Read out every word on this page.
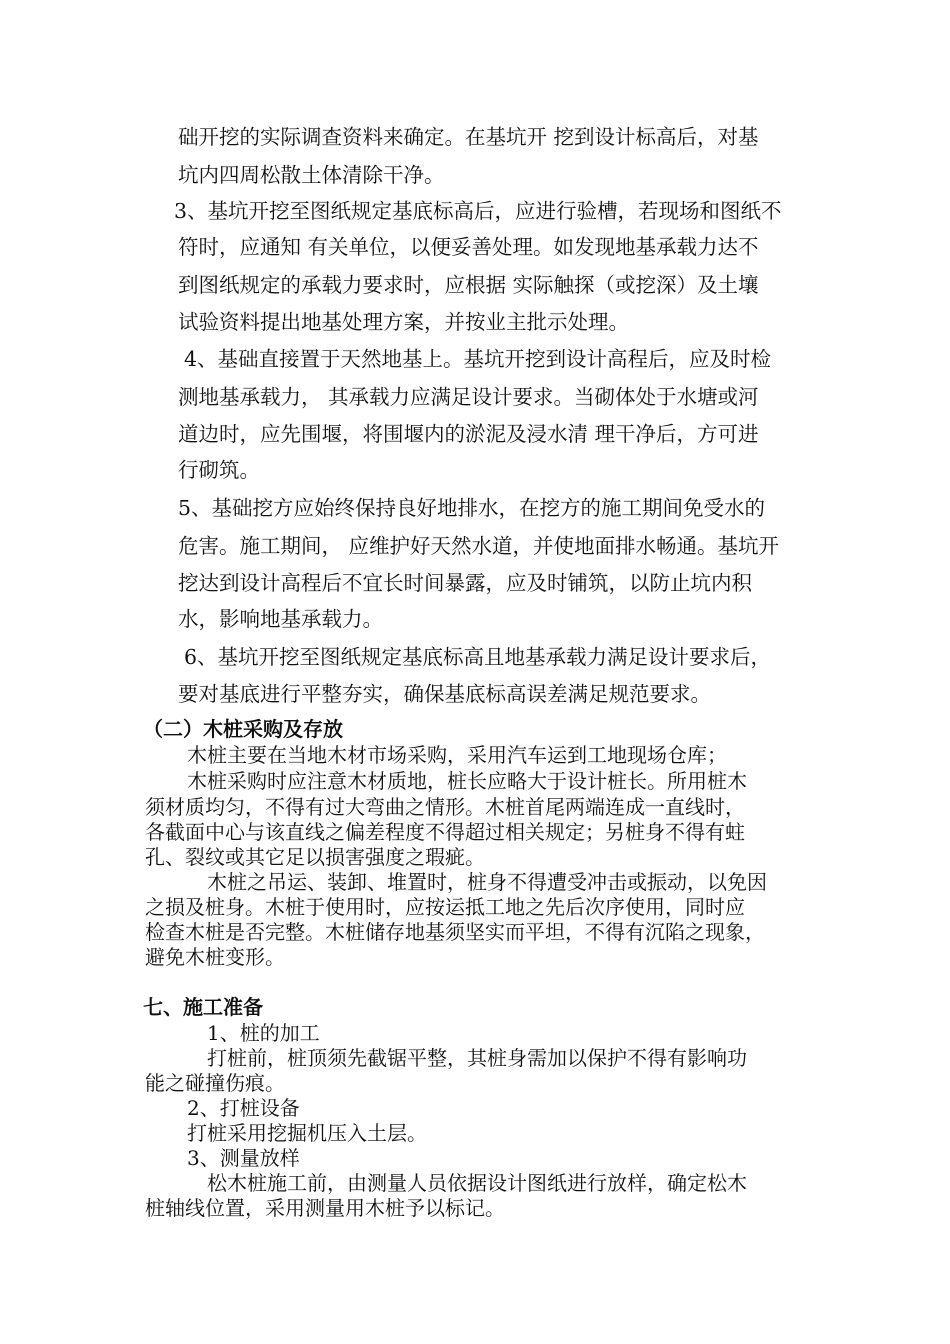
础开挖的实际调查资料来确定。在基坑开 挖到设计标高后，对基
坑内四周松散土体清除干净。
3、基坑开挖至图纸规定基底标高后，应进行验槽，若现场和图纸不
符时，应通知 有关单位，以便妥善处理。如发现地基承载力达不
到图纸规定的承载力要求时，应根据 实际触探（或挖深）及土壤
试验资料提出地基处理方案，并按业主批示处理。
4、基础直接置于天然地基上。基坑开挖到设计高程后，应及时检
测地基承载力， 其承载力应满足设计要求。当砌体处于水塘或河
道边时，应先围堰，将围堰内的淤泥及浸水清 理干净后，方可进
行砌筑。
5、基础挖方应始终保持良好地排水，在挖方的施工期间免受水的
危害。施工期间， 应维护好天然水道，并使地面排水畅通。基坑开
挖达到设计高程后不宜长时间暴露，应及时铺筑，以防止坑内积
水，影响地基承载力。
6、基坑开挖至图纸规定基底标高且地基承载力满足设计要求后，
要对基底进行平整夯实，确保基底标高误差满足规范要求。
（二）木桩采购及存放
木桩主要在当地木材市场采购，采用汽车运到工地现场仓库；
木桩采购时应注意木材质地，桩长应略大于设计桩长。所用桩木
须材质均匀，不得有过大弯曲之情形。木桩首尾两端连成一直线时，
各截面中心与该直线之偏差程度不得超过相关规定；另桩身不得有蛀
孔、裂纹或其它足以损害强度之瑕疵。
木桩之吊运、装卸、堆置时，桩身不得遭受冲击或振动，以免因
之损及桩身。木桩于使用时，应按运抵工地之先后次序使用，同时应
检查木桩是否完整。木桩储存地基须坚实而平坦，不得有沉陷之现象，
避免木桩变形。
七、施工准备
1、桩的加工
打桩前，桩顶须先截锯平整，其桩身需加以保护不得有影响功
能之碰撞伤痕。
2、打桩设备
打桩采用挖掘机压入土层。
3、测量放样
松木桩施工前，由测量人员依据设计图纸进行放样，确定松木
桩轴线位置，采用测量用木桩予以标记。
